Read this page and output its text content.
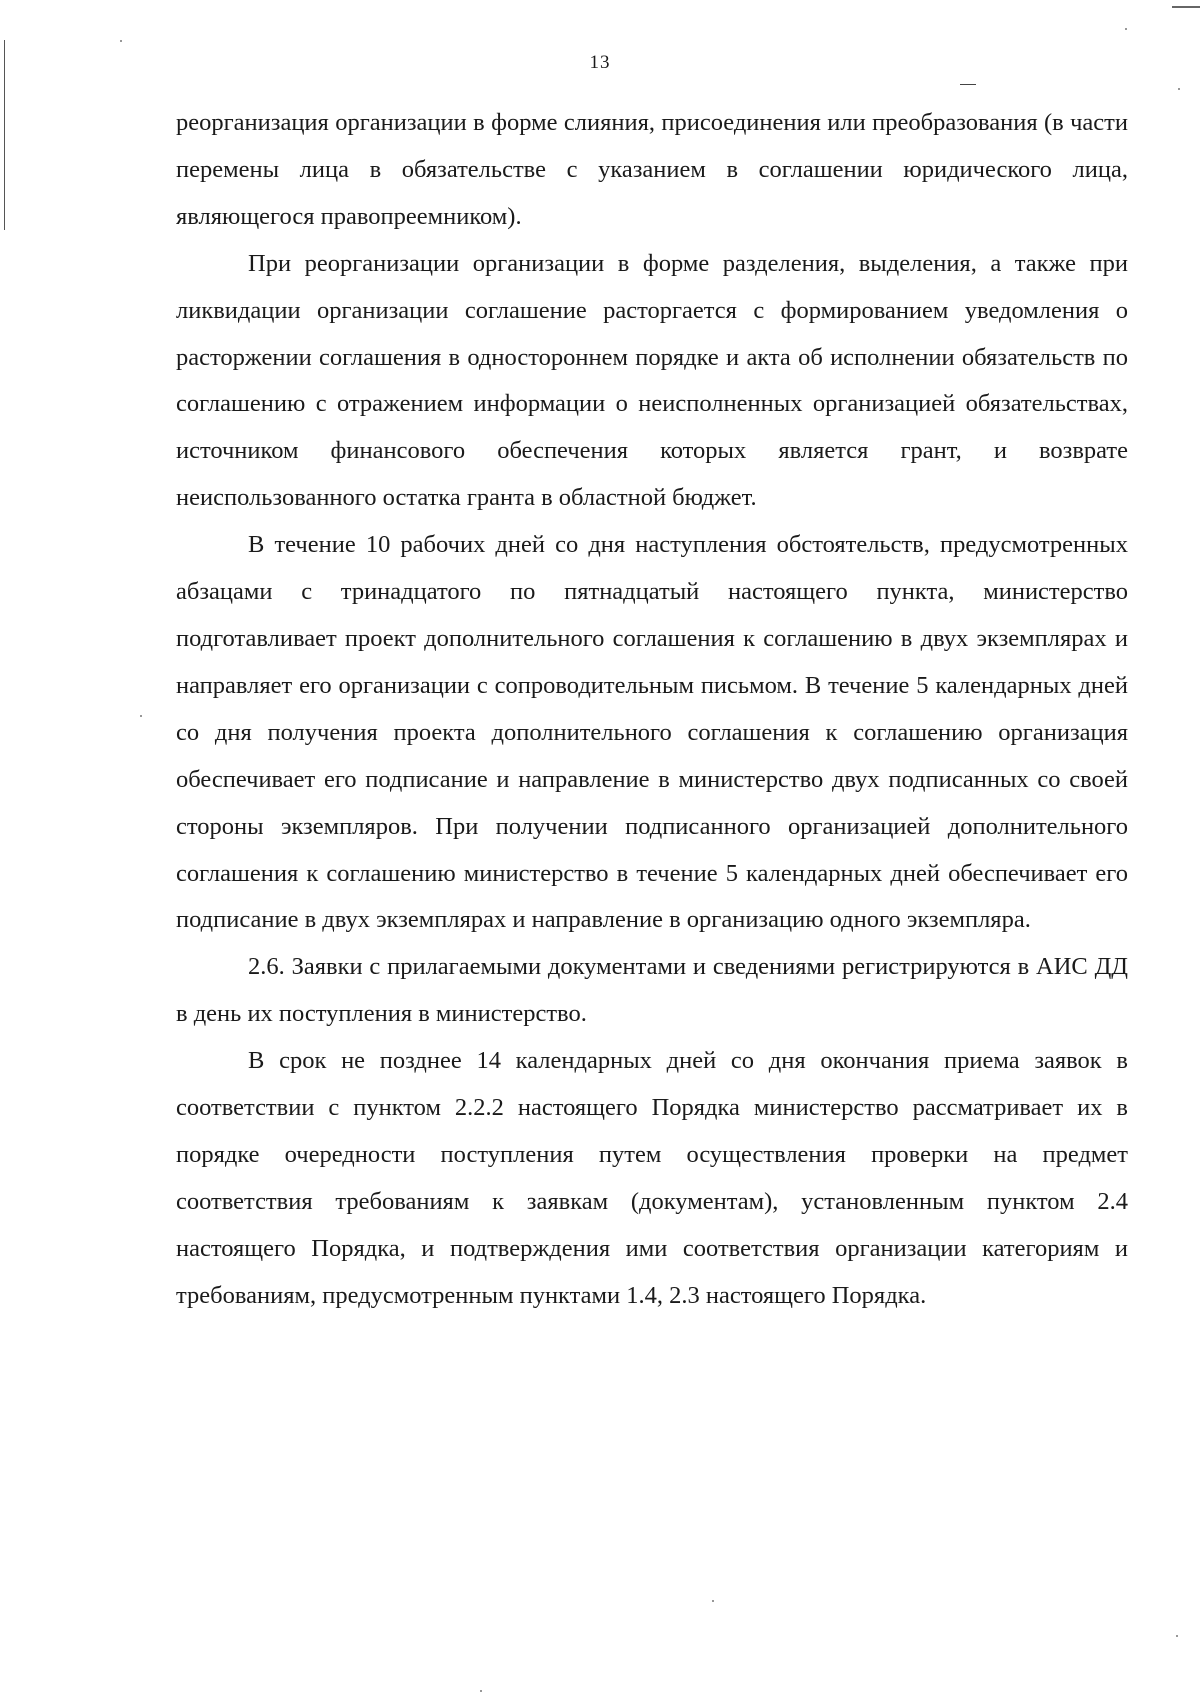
13

реорганизация организации в форме слияния, присоединения или преобразования (в части перемены лица в обязательстве с указанием в соглашении юридического лица, являющегося правопреемником).

При реорганизации организации в форме разделения, выделения, а также при ликвидации организации соглашение расторгается с формированием уведомления о расторжении соглашения в одностороннем порядке и акта об исполнении обязательств по соглашению с отражением информации о неисполненных организацией обязательствах, источником финансового обеспечения которых является грант, и возврате неиспользованного остатка гранта в областной бюджет.

В течение 10 рабочих дней со дня наступления обстоятельств, предусмотренных абзацами с тринадцатого по пятнадцатый настоящего пункта, министерство подготавливает проект дополнительного соглашения к соглашению в двух экземплярах и направляет его организации с сопроводительным письмом. В течение 5 календарных дней со дня получения проекта дополнительного соглашения к соглашению организация обеспечивает его подписание и направление в министерство двух подписанных со своей стороны экземпляров. При получении подписанного организацией дополнительного соглашения к соглашению министерство в течение 5 календарных дней обеспечивает его подписание в двух экземплярах и направление в организацию одного экземпляра.

2.6. Заявки с прилагаемыми документами и сведениями регистрируются в АИС ДД в день их поступления в министерство.

В срок не позднее 14 календарных дней со дня окончания приема заявок в соответствии с пунктом 2.2.2 настоящего Порядка министерство рассматривает их в порядке очередности поступления путем осуществления проверки на предмет соответствия требованиям к заявкам (документам), установленным пунктом 2.4 настоящего Порядка, и подтверждения ими соответствия организации категориям и требованиям, предусмотренным пунктами 1.4, 2.3 настоящего Порядка.
